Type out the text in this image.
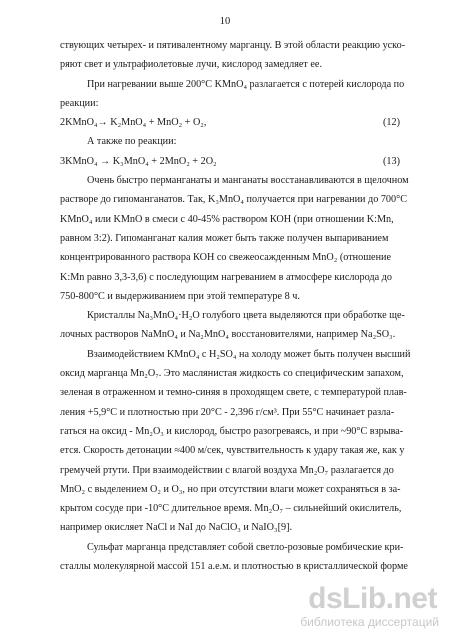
10

ствующих четырех- и пятивалентному марганцу. В этой области реакцию уско-

ряют свет и ультрафиолетовые лучи, кислород замедляет ее.

При нагревании выше 200°С KMnO₄ разлагается с потерей кислорода по

реакции:

2KMnO₄→ K₂MnO₄ + MnO₂ + O₂,	(12)

А также по реакции:

3KMnO₄ → K₃MnO₄ + 2MnO₂ + 2O₂	(13)

Очень быстро перманганаты и манганаты восстанавливаются в щелочном

растворе до гипоманганатов. Так, K₃MnO₄ получается при нагревании до 700°С

KMnO₄ или KMnO в смеси с 40-45% раствором КОН (при отношении K:Mn,

равном 3:2). Гипоманганат калия может быть также получен выпариванием

концентрированного раствора КОН со свежеосажденным MnO₂ (отношение

K:Mn равно 3,3-3,6) с последующим нагреванием в атмосфере кислорода до

750-800°С и выдерживанием при этой температуре 8 ч.

Кристаллы Na₃MnO₄·H₂O голубого цвета выделяются при обработке ще-

лочных растворов NaMnO₄ и Na₂MnO₄ восстановителями, например Na₂SO₃.

Взаимодействием KMnO₄ с H₂SO₄ на холоду может быть получен высший

оксид марганца Mn₂O₇. Это маслянистая жидкость со специфическим запахом,

зеленая в отраженном и темно-синяя в проходящем свете, с температурой плав-

ления +5,9°С и плотностью при 20°С - 2,396 г/см³. При 55°С начинает разла-

гаться на оксид - Mn₂O₃ и кислород, быстро разогреваясь, и при ~90°С взрыва-

ется. Скорость детонации ≈400 м/сек, чувствительность к удару такая же, как у

гремучей ртути. При взаимодействии с влагой воздуха Mn₂O₇ разлагается до

MnO₂ с выделением O₂ и O₃, но при отсутствии влаги может сохраняться в за-

крытом сосуде при -10°С длительное время. Mn₂O₇ – сильнейший окислитель,

например окисляет NaCl и NaI до NaClO₃ и NaIO₃[9].

Сульфат марганца представляет собой светло-розовые ромбические кри-

сталлы молекулярной массой 151 а.е.м. и плотностью в кристаллической форме

dsLib.net
библиотека диссертаций
